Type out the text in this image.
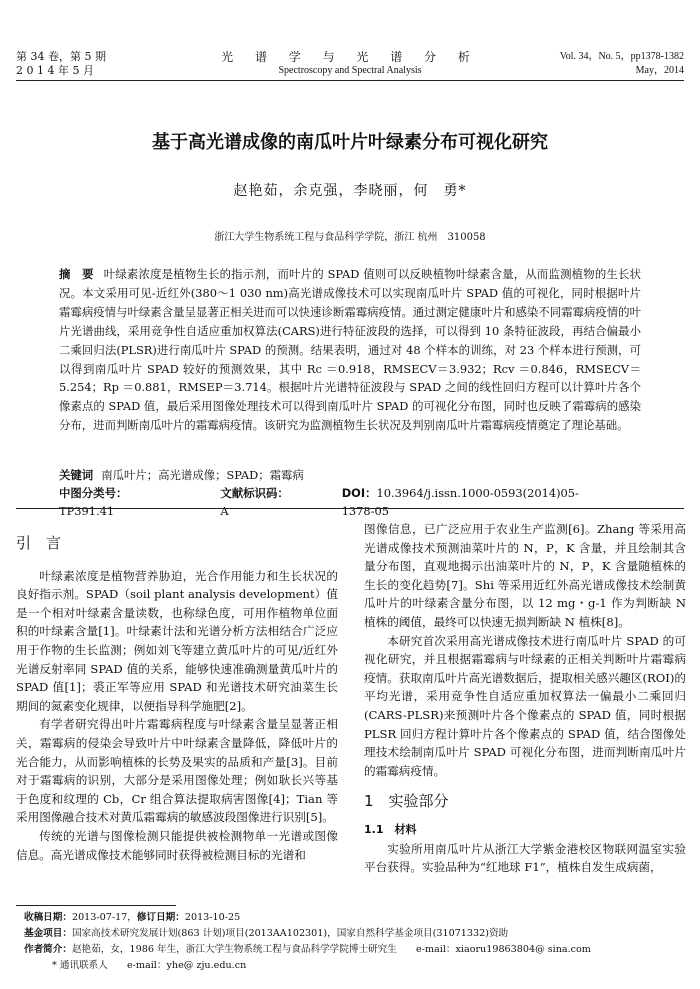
第 34 卷，第 5 期
2 0 1 4 年 5 月
光 谱 学 与 光 谱 分 析
Spectroscopy and Spectral Analysis
Vol. 34，No. 5，pp1378-1382
May，2014
基于高光谱成像的南瓜叶片叶绿素分布可视化研究
赵艳茹，余克强，李晓丽，何　勇*
浙江大学生物系统工程与食品科学学院，浙江 杭州　310058
摘　要 叶绿素浓度是植物生长的指示剂，而叶片的 SPAD 值则可以反映植物叶绿素含量，从而监测植物的生长状况。本文采用可见-近红外(380～1 030 nm)高光谱成像技术可以实现南瓜叶片 SPAD 值的可视化，同时根据叶片霜霉病疫情与叶绿素含量呈显著正相关进而可以快速诊断霜霉病疫情。通过测定健康叶片和感染不同霜霉病疫情的叶片光谱曲线，采用竞争性自适应重加权算法(CARS)进行特征波段的选择，可以得到 10 条特征波段，再结合偏最小二乘回归法(PLSR)进行南瓜叶片 SPAD 的预测。结果表明，通过对 48 个样本的训练，对 23 个样本进行预测，可以得到南瓜叶片 SPAD 较好的预测效果，其中 Rc ＝0.918，RMSECV＝3.932；Rcv ＝0.846，RMSECV＝5.254；Rp ＝0.881，RMSEP＝3.714。根据叶片光谱特征波段与 SPAD 之间的线性回归方程可以计算叶片各个像素点的 SPAD 值，最后采用图像处理技术可以得到南瓜叶片 SPAD 的可视化分布图，同时也反映了霜霉病的感染分布，进而判断南瓜叶片的霜霉病疫情。该研究为监测植物生长状况及判别南瓜叶片霜霉病疫情奠定了理论基础。
关键词 南瓜叶片；高光谱成像；SPAD；霜霉病
中图分类号：TP391.41
文献标识码：A
DOI：10.3964/j.issn.1000-0593(2014)05-1378-05
引　言

叶绿素浓度是植物营养胁迫，光合作用能力和生长状况的良好指示剂。SPAD（soil plant analysis development）值是一个相对叶绿素含量读数，也称绿色度，可用作植物单位面积的叶绿素含量[1]。叶绿素计法和光谱分析方法相结合广泛应用于作物的生长监测；例如刘飞等建立黄瓜叶片的可见/近红外光谱反射率同 SPAD 值的关系，能够快速准确测量黄瓜叶片的 SPAD 值[1]；裘正军等应用 SPAD 和光谱技术研究油菜生长期间的氮素变化规律，以便指导科学施肥[2]。

有学者研究得出叶片霜霉病程度与叶绿素含量呈显著正相关，霜霉病的侵染会导致叶片中叶绿素含量降低，降低叶片的光合能力，从而影响植株的长势及果实的品质和产量[3]。目前对于霜霉病的识别，大部分是采用图像处理；例如耿长兴等基于色度和纹理的 Cb，Cr 组合算法提取病害图像[4]；Tian 等采用图像融合技术对黄瓜霜霉病的敏感波段图像进行识别[5]。

传统的光谱与图像检测只能提供被检测物单一光谱或图像信息。高光谱成像技术能够同时获得被检测目标的光谱和

图像信息，已广泛应用于农业生产监测[6]。Zhang 等采用高光谱成像技术预测油菜叶片的 N，P，K 含量，并且绘制其含量分布图，直观地揭示出油菜叶片的 N，P，K 含量随植株的生长的变化趋势[7]。Shi 等采用近红外高光谱成像技术绘制黄瓜叶片的叶绿素含量分布图，以 12 mg・g-1 作为判断缺 N 植株的阈值，最终可以快速无损判断缺 N 植株[8]。

本研究首次采用高光谱成像技术进行南瓜叶片 SPAD 的可视化研究，并且根据霜霉病与叶绿素的正相关判断叶片霜霉病疫情。获取南瓜叶片高光谱数据后，提取相关感兴趣区(ROI)的平均光谱，采用竞争性自适应重加权算法一偏最小二乘回归(CARS-PLSR)来预测叶片各个像素点的 SPAD 值，同时根据 PLSR 回归方程计算叶片各个像素点的 SPAD 值，结合图像处理技术绘制南瓜叶片 SPAD 可视化分布图，进而判断南瓜叶片的霜霉病疫情。

1　实验部分
1.1　材料

实验所用南瓜叶片从浙江大学紫金港校区物联网温室实验平台获得。实验品种为“红地球 F1”，植株自发生成病菌，

收稿日期：2013-07-17，修订日期：2013-10-25
基金项目：国家高技术研究发展计划(863 计划)项目(2013AA102301)，国家自然科学基金项目(31071332)资助
作者简介：赵艳茹，女，1986 年生，浙江大学生物系统工程与食品科学学院博士研究生　　e-mail：xiaoru19863804@ sina.com
* 通讯联系人　　e-mail：yhe@ zju.edu.cn
